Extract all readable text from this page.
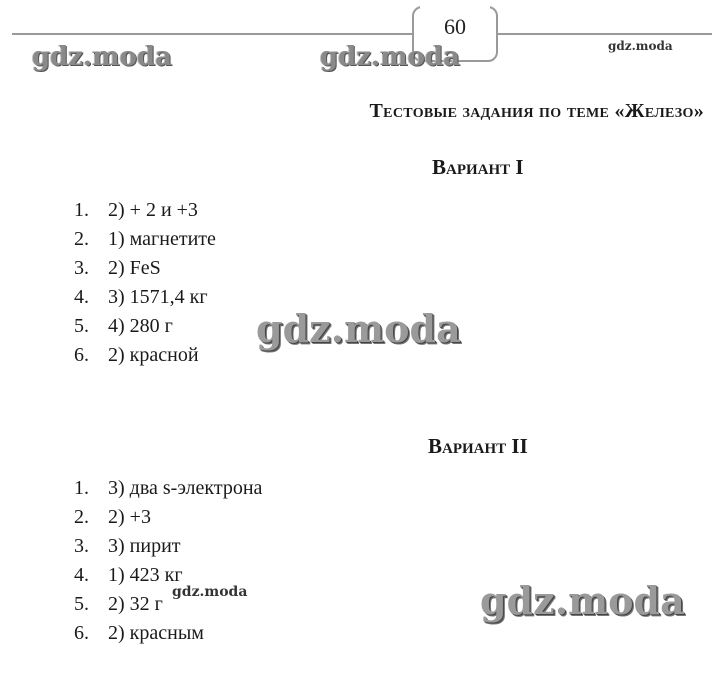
60
gdz.moda	gdz.moda	gdz.moda
Тестовые задания по теме «Железо»
Вариант I
1. 2) + 2 и +3
2. 1) магнетите
3. 2) FeS
4. 3) 1571,4 кг
5. 4) 280 г
6. 2) красной
gdz.moda
Вариант II
1. 3) два s-электрона
2. 2) +3
3. 3) пирит
4. 1) 423 кг
5. 2) 32 г
6. 2) красным
gdz.moda	gdz.moda
